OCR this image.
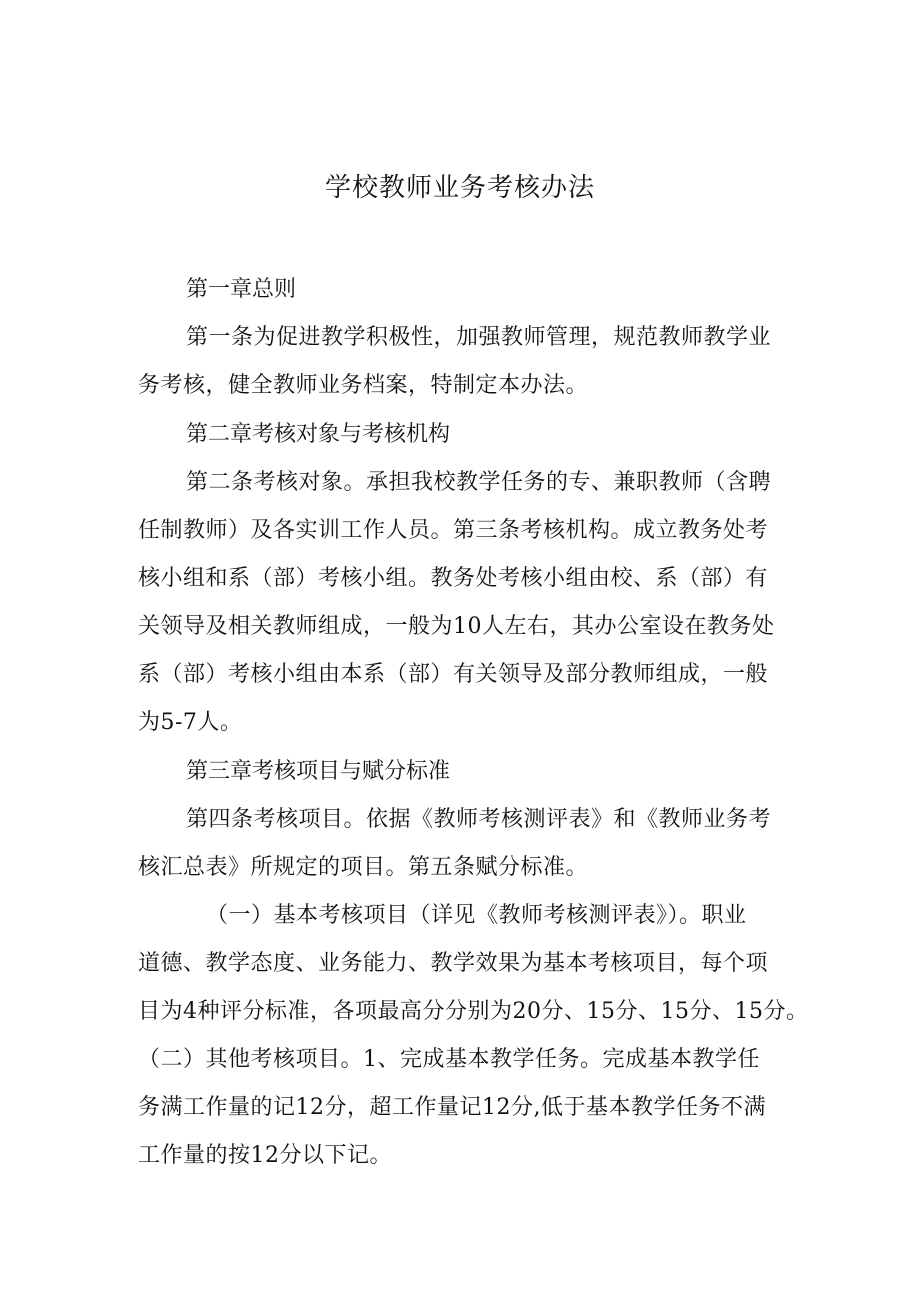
学校教师业务考核办法
第一章总则
第一条为促进教学积极性，加强教师管理，规范教师教学业
务考核，健全教师业务档案，特制定本办法。
第二章考核对象与考核机构
第二条考核对象。承担我校教学任务的专、兼职教师（含聘
任制教师）及各实训工作人员。第三条考核机构。成立教务处考
核小组和系（部）考核小组。教务处考核小组由校、系（部）有
关领导及相关教师组成，一般为10人左右，其办公室设在教务处
系（部）考核小组由本系（部）有关领导及部分教师组成，一般
为5-7人。
第三章考核项目与赋分标准
第四条考核项目。依据《教师考核测评表》和《教师业务考
核汇总表》所规定的项目。第五条赋分标准。
（一）基本考核项目（详见《教师考核测评表》）。职业
道德、教学态度、业务能力、教学效果为基本考核项目，每个项
目为4种评分标准，各项最高分分别为20分、15分、15分、15分。
（二）其他考核项目。1、完成基本教学任务。完成基本教学任
务满工作量的记12分，超工作量记12分,低于基本教学任务不满
工作量的按12分以下记。
